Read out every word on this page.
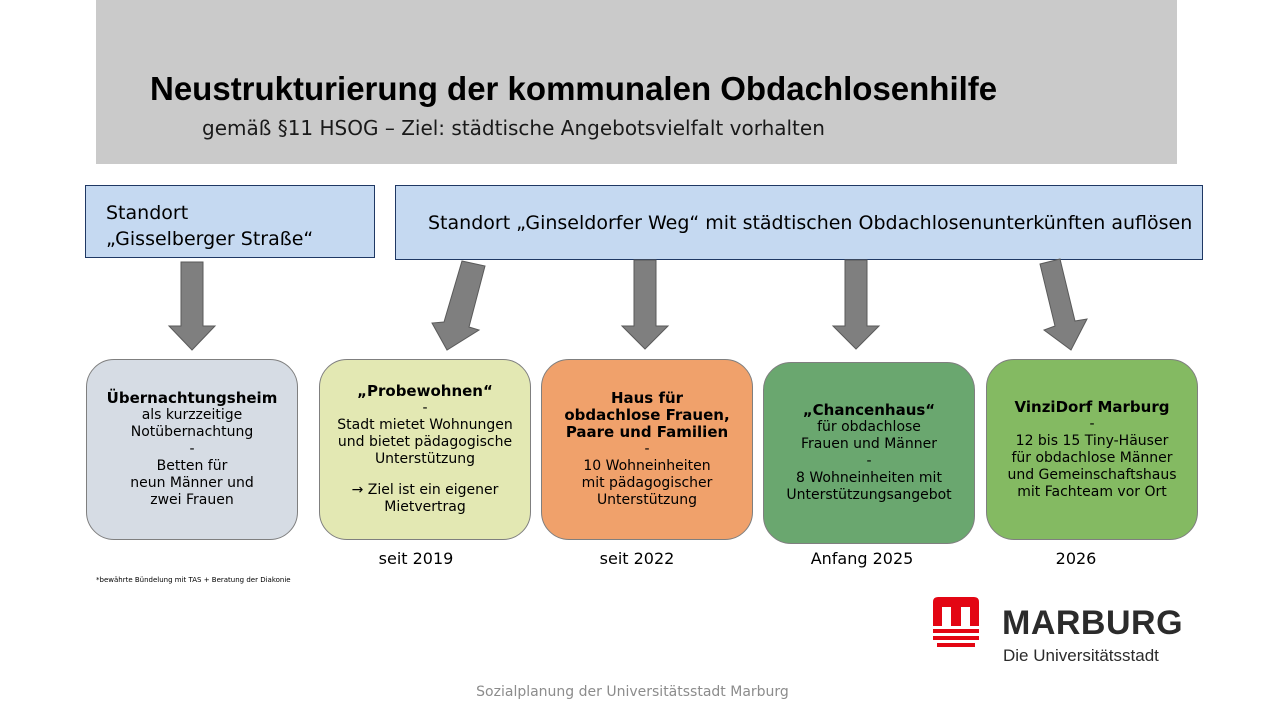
Neustrukturierung der kommunalen Obdachlosenhilfe
gemäß §11 HSOG – Ziel: städtische Angebotsvielfalt vorhalten
Standort
„Gisselberger Straße“
Standort „Ginseldorfer Weg“ mit städtischen Obdachlosenunterkünften auflösen
Übernachtungsheim
als kurzzeitige
Notübernachtung
-
Betten für
neun Männer und
zwei Frauen
„Probewohnen“
-
Stadt mietet Wohnungen
und bietet pädagogische
Unterstützung
→ Ziel ist ein eigener
Mietvertrag
Haus für
obdachlose Frauen,
Paare und Familien
-
10 Wohneinheiten
mit pädagogischer
Unterstützung
„Chancenhaus“
für obdachlose
Frauen und Männer
-
8 Wohneinheiten mit
Unterstützungsangebot
VinziDorf Marburg
-
12 bis 15 Tiny-Häuser
für obdachlose Männer
und Gemeinschaftshaus
mit Fachteam vor Ort
seit 2019	seit 2022	Anfang 2025	2026
*bewährte Bündelung mit TAS + Beratung der Diakonie
MARBURG
Die Universitätsstadt
Sozialplanung der Universitätsstadt Marburg
